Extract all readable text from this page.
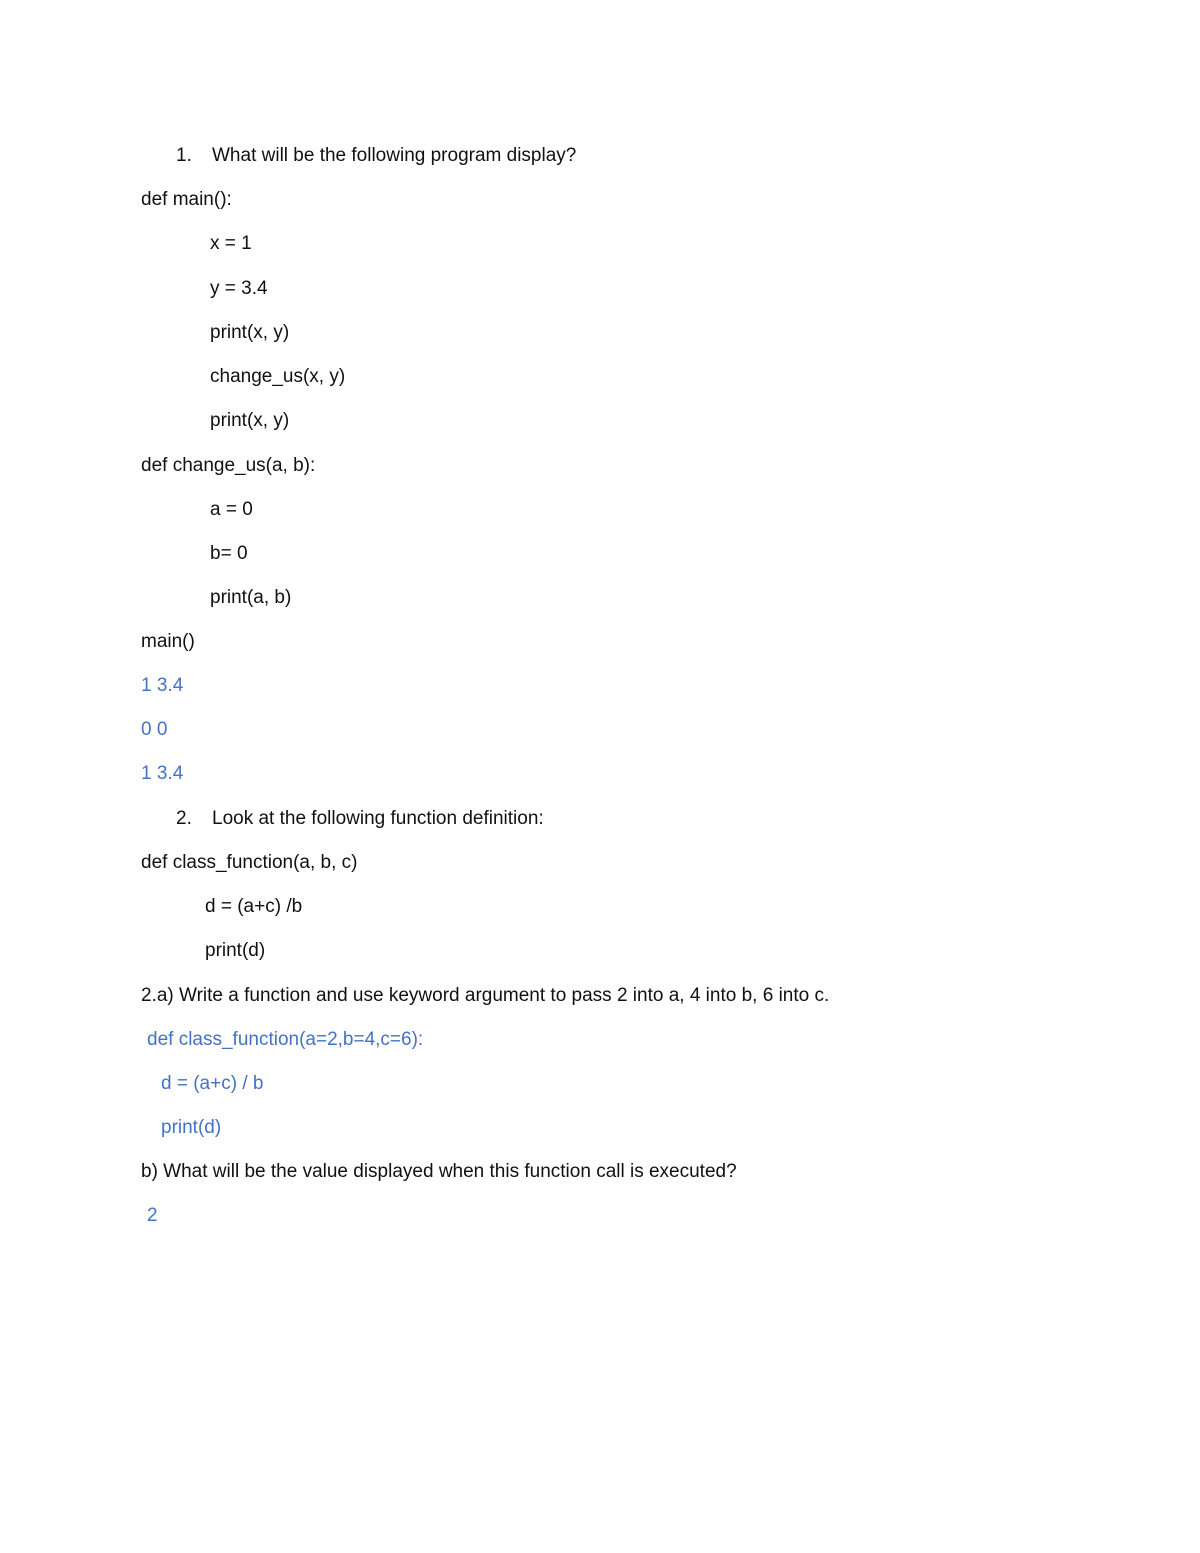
1. What will be the following program display?
def main():
x = 1
y = 3.4
print(x, y)
change_us(x, y)
print(x, y)
def change_us(a, b):
a = 0
b= 0
print(a, b)
main()
1 3.4
0 0
1 3.4
2. Look at the following function definition:
def class_function(a, b, c)
d = (a+c) /b
print(d)
2.a) Write a function and use keyword argument to pass 2 into a, 4 into b, 6 into c.
def class_function(a=2,b=4,c=6):
d = (a+c) / b
print(d)
b) What will be the value displayed when this function call is executed?
2
